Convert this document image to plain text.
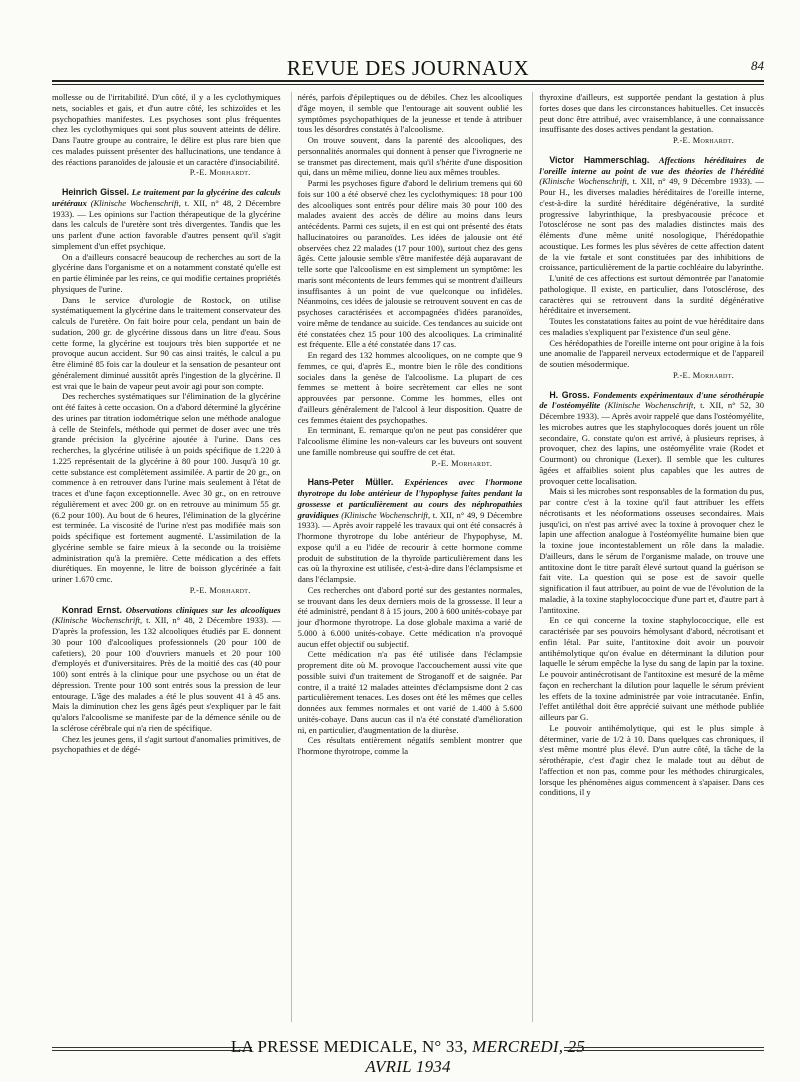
REVUE DES JOURNAUX	84

mollesse ou de l'irritabilité. D'un côté, il y a les cyclothymiques nets, sociables et gais, et d'un autre côté, les schizoïdes et les psychopathies manifestes. Les psychoses sont plus fréquentes chez les cyclothymiques qui sont plus souvent atteints de délire. Dans l'autre groupe au contraire, le délire est plus rare bien que ces malades puissent présenter des hallucinations, une tendance à des réactions paranoïdes de jalousie et un caractère d'insociabilité.

P.-E. Morhardt.

Heinrich Gissel. Le traitement par la glycérine des calculs urétéraux (Klinische Wochenschrift, t. XII, n° 48, 2 Décembre 1933). — Les opinions sur l'action thérapeutique de la glycérine dans les calculs de l'uretère sont très divergentes. Tandis que les uns parlent d'une action favorable d'autres pensent qu'il s'agit simplement d'un effet psychique.

On a d'ailleurs consacré beaucoup de recherches au sort de la glycérine dans l'organisme et on a notamment constaté qu'elle est en partie éliminée par les reins, ce qui modifie certaines propriétés physiques de l'urine.

Dans le service d'urologie de Rostock, on utilise systématiquement la glycérine dans le traitement conservateur des calculs de l'uretère. On fait boire pour cela, pendant un bain de sudation, 200 gr. de glycérine dissous dans un litre d'eau. Sous cette forme, la glycérine est toujours très bien supportée et ne provoque aucun accident. Sur 90 cas ainsi traités, le calcul a pu être éliminé 85 fois car la douleur et la sensation de pesanteur ont généralement diminué aussitôt après l'ingestion de la glycérine. Il est vrai que le bain de vapeur peut avoir agi pour son compte.

Des recherches systématiques sur l'élimination de la glycérine ont été faites à cette occasion. On a d'abord déterminé la glycérine des urines par titration iodométrique selon une méthode analogue à celle de Steinfels, méthode qui permet de doser avec une très grande précision la glycérine ajoutée à l'urine. Dans ces recherches, la glycérine utilisée à un poids spécifique de 1.220 à 1.225 représentait de la glycérine à 80 pour 100. Jusqu'à 10 gr. cette substance est complètement assimilée. A partir de 20 gr., on commence à en retrouver dans l'urine mais seulement à l'état de traces et d'une façon exceptionnelle. Avec 30 gr., on en retrouve régulièrement et avec 200 gr. on en retrouve au minimum 55 gr. (6.2 pour 100). Au bout de 6 heures, l'élimination de la glycérine est terminée. La viscosité de l'urine n'est pas modifiée mais son poids spécifique est fortement augmenté. L'assimilation de la glycérine semble se faire mieux à la seconde ou la troisième administration qu'à la première. Cette médication a des effets diurétiques. En moyenne, le litre de boisson glycérinée a fait uriner 1.670 cmc.

P.-E. Morhardt.

Konrad Ernst. Observations cliniques sur les alcooliques (Klinische Wochenschrift, t. XII, n° 48, 2 Décembre 1933). — D'après la profession, les 132 alcooliques étudiés par E. donnent 30 pour 100 d'alcooliques professionnels (20 pour 100 de cafetiers), 20 pour 100 d'ouvriers manuels et 20 pour 100 d'employés et d'universitaires. Près de la moitié des cas (40 pour 100) sont entrés à la clinique pour une psychose ou un état de dépression. Trente pour 100 sont entrés sous la pression de leur entourage. L'âge des malades a été le plus souvent 41 à 45 ans. Mais la diminution chez les gens âgés peut s'expliquer par le fait qu'alors l'alcoolisme se manifeste par de la démence sénile ou de la sclérose cérébrale qui n'a rien de spécifique.

Chez les jeunes gens, il s'agit surtout d'anomalies primitives, de psychopathies et de dégé-

nérés, parfois d'épileptiques ou de débiles. Chez les alcooliques d'âge moyen, il semble que l'entourage ait souvent oublié les symptômes psychopathiques de la jeunesse et tende à attribuer tous les désordres constatés à l'alcoolisme.

On trouve souvent, dans la parenté des alcooliques, des personnalités anormales qui donnent à penser que l'ivrognerie ne se transmet pas directement, mais qu'il s'hérite d'une disposition qui, dans un même milieu, donne lieu aux mêmes troubles.

Parmi les psychoses figure d'abord le delirium tremens qui 60 fois sur 100 a été observé chez les cyclothymiques: 18 pour 100 des alcooliques sont entrés pour délire mais 30 pour 100 des malades avaient des accès de délire au moins dans leurs antécédents. Parmi ces sujets, il en est qui ont présenté des états hallucinatoires ou paranoïdes. Les idées de jalousie ont été observées chez 22 malades (17 pour 100), surtout chez des gens âgés. Cette jalousie semble s'être manifestée déjà auparavant de telle sorte que l'alcoolisme en est simplement un symptôme: les maris sont mécontents de leurs femmes qui se montrent d'ailleurs insuffisantes à un point de vue quelconque ou infidèles. Néanmoins, ces idées de jalousie se retrouvent souvent en cas de psychoses caractérisées et accompagnées d'idées paranoïdes, voire même de tendance au suicide. Ces tendances au suicide ont été constatées chez 15 pour 100 des alcooliques. La criminalité est fréquente. Elle a été constatée dans 17 cas.

En regard des 132 hommes alcooliques, on ne compte que 9 femmes, ce qui, d'après E., montre bien le rôle des conditions sociales dans la genèse de l'alcoolisme. La plupart de ces femmes se mettent à boire secrètement car elles ne sont approuvées par personne. Comme les hommes, elles ont d'ailleurs généralement de l'alcool à leur disposition. Quatre de ces femmes étaient des psychopathes.

En terminant, E. remarque qu'on ne peut pas considérer que l'alcoolisme élimine les non-valeurs car les buveurs ont souvent une famille nombreuse qui souffre de cet état.

P.-E. Morhardt.

Hans-Peter Müller. Expériences avec l'hormone thyrotrope du lobe antérieur de l'hypophyse faites pendant la grossesse et particulièrement au cours des néphropathies gravidiques (Klinische Wochenschrift, t. XII, n° 49, 9 Décembre 1933). — Après avoir rappelé les travaux qui ont été consacrés à l'hormone thyrotrope du lobe antérieur de l'hypophyse, M. expose qu'il a eu l'idée de recourir à cette hormone comme produit de substitution de la thyroïde particulièrement dans les cas où la thyroxine est utilisée, c'est-à-dire dans l'éclampsisme et dans l'éclampsie.

Ces recherches ont d'abord porté sur des gestantes normales, se trouvant dans les deux derniers mois de la grossesse. Il leur a été administré, pendant 8 à 15 jours, 200 à 600 unités-cobaye par jour d'hormone thyrotrope. La dose globale maxima a varié de 5.000 à 6.000 unités-cobaye. Cette médication n'a provoqué aucun effet objectif ou subjectif.

Cette médication n'a pas été utilisée dans l'éclampsie proprement dite où M. provoque l'accouchement aussi vite que possible suivi d'un traitement de Stroganoff et de saignée. Par contre, il a traité 12 malades atteintes d'éclampsisme dont 2 cas particulièrement tenaces. Les doses ont été les mêmes que celles données aux femmes normales et ont varié de 1.400 à 5.600 unités-cobaye. Dans aucun cas il n'a été constaté d'amélioration ni, en particulier, d'augmentation de la diurèse.

Ces résultats entièrement négatifs semblent montrer que l'hormone thyrotrope, comme la

thyroxine d'ailleurs, est supportée pendant la gestation à plus fortes doses que dans les circonstances habituelles. Cet insuccès peut donc être attribué, avec vraisemblance, à une connaissance insuffisante des doses actives pendant la gestation.

P.-E. Morhardt.

Victor Hammerschlag. Affections héréditaires de l'oreille interne au point de vue des théories de l'hérédité (Klinische Wochenschrift, t. XII, n° 49, 9 Décembre 1933). — Pour H., les diverses maladies héréditaires de l'oreille interne, c'est-à-dire la surdité héréditaire dégénérative, la surdité progressive labyrinthique, la presbyacousie précoce et l'otosclérose ne sont pas des maladies distinctes mais des éléments d'une même unité nosologique, l'hérédopathie acoustique. Les formes les plus sévères de cette affection datent de la vie fœtale et sont constituées par des inhibitions de croissance, particulièrement de la partie cochléaire du labyrinthe.

L'unité de ces affections est surtout démontrée par l'anatomie pathologique. Il existe, en particulier, dans l'otosclérose, des caractères qui se retrouvent dans la surdité dégénérative héréditaire et inversement.

Toutes les constatations faites au point de vue héréditaire dans ces maladies s'expliquent par l'existence d'un seul gène.

Ces hérédopathies de l'oreille interne ont pour origine à la fois une anomalie de l'appareil nerveux ectodermique et de l'appareil de soutien mésodermique.

P.-E. Morhardt.

H. Gross. Fondements expérimentaux d'une sérothérapie de l'ostéomyélite (Klinische Wochenschrift, t. XII, n° 52, 30 Décembre 1933). — Après avoir rappelé que dans l'ostéomyélite, les microbes autres que les staphylocoques dorés jouent un rôle secondaire, G. constate qu'on est arrivé, à plusieurs reprises, à provoquer, chez des lapins, une ostéomyélite vraie (Rodet et Courmont) ou chronique (Lexer). Il semble que les cultures âgées et affaiblies soient plus capables que les autres de provoquer cette localisation.

Mais si les microbes sont responsables de la formation du pus, par contre c'est à la toxine qu'il faut attribuer les effets nécrotisants et les néoformations osseuses secondaires. Mais jusqu'ici, on n'est pas arrivé avec la toxine à provoquer chez le lapin une affection analogue à l'ostéomyélite humaine bien que la toxine joue incontestablement un rôle dans la maladie. D'ailleurs, dans le sérum de l'organisme malade, on trouve une antitoxine dont le titre paraît élevé surtout quand la guérison se fait vite. La question qui se pose est de savoir quelle signification il faut attribuer, au point de vue de l'évolution de la maladie, à la toxine staphylococcique d'une part et, d'autre part à l'antitoxine.

En ce qui concerne la toxine staphylococcique, elle est caractérisée par ses pouvoirs hémolysant d'abord, nécrotisant et enfin létal. Par suite, l'antitoxine doit avoir un pouvoir antihémolytique qu'on évalue en déterminant la dilution pour laquelle le sérum empêche la lyse du sang de lapin par la toxine. Le pouvoir antinécrotisant de l'antitoxine est mesuré de la même façon en recherchant la dilution pour laquelle le sérum prévient les effets de la toxine administrée par voie intracutanée. Enfin, l'effet antiléthal doit être apprécié suivant une méthode publiée ailleurs par G.

Le pouvoir antihémolytique, qui est le plus simple à déterminer, varie de 1/2 à 10. Dans quelques cas chroniques, il s'est même montré plus élevé. D'un autre côté, la tâche de la sérothérapie, c'est d'agir chez le malade tout au début de l'affection et non pas, comme pour les méthodes chirurgicales, lorsque les phénomènes aigus commencent à s'apaiser. Dans ces conditions, il y

LA PRESSE MEDICALE, N° 33, MERCREDI, 25 AVRIL 1934
